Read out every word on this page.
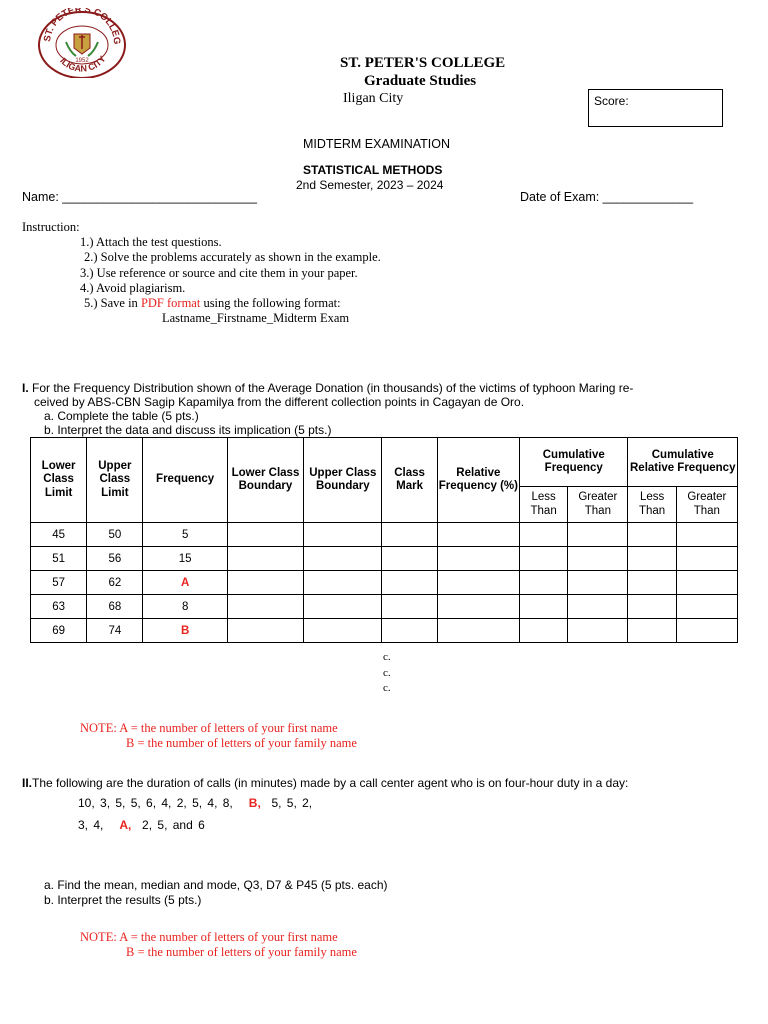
ST. PETER'S COLLEG
ILIGAN CITY
1952	ST. PETER'S COLLEGE
Graduate Studies
Iligan City	Score:
MIDTERM EXAMINATION
STATISTICAL METHODS
2nd Semester, 2023 – 2024
Name: ____________________________	Date of Exam: _____________
Instruction:
1.) Attach the test questions.
2.) Solve the problems accurately as shown in the example.
3.) Use reference or source and cite them in your paper.
4.) Avoid plagiarism.
5.) Save in PDF format using the following format:
Lastname_Firstname_Midterm Exam
I. For the Frequency Distribution shown of the Average Donation (in thousands) of the victims of typhoon Maring re-
ceived by ABS-CBN Sagip Kapamilya from the different collection points in Cagayan de Oro.
a. Complete the table (5 pts.)
b. Interpret the data and discuss its implication (5 pts.)
Lower Class Limit	Upper Class Limit	Frequency	Lower Class Boundary	Upper Class Boundary	Class Mark	Relative Frequency (%)	Cumulative Frequency		Cumulative Relative Frequency	
							Less Than	Greater Than	Less Than	Greater Than
45	50	5								
51	56	15								
57	62	A								
63	68	8								
69	74	B								
c.
c.
c.
NOTE: A = the number of letters of your first name
B = the number of letters of your family name
II.The following are the duration of calls (in minutes) made by a call center agent who is on four-hour duty in a day:
10, 3, 5, 5, 6, 4, 2, 5, 4, 8, B, 5, 5, 2,
3, 4, A, 2, 5, and 6
a. Find the mean, median and mode, Q3, D7 & P45 (5 pts. each)
b. Interpret the results (5 pts.)
NOTE: A = the number of letters of your first name
B = the number of letters of your family name
